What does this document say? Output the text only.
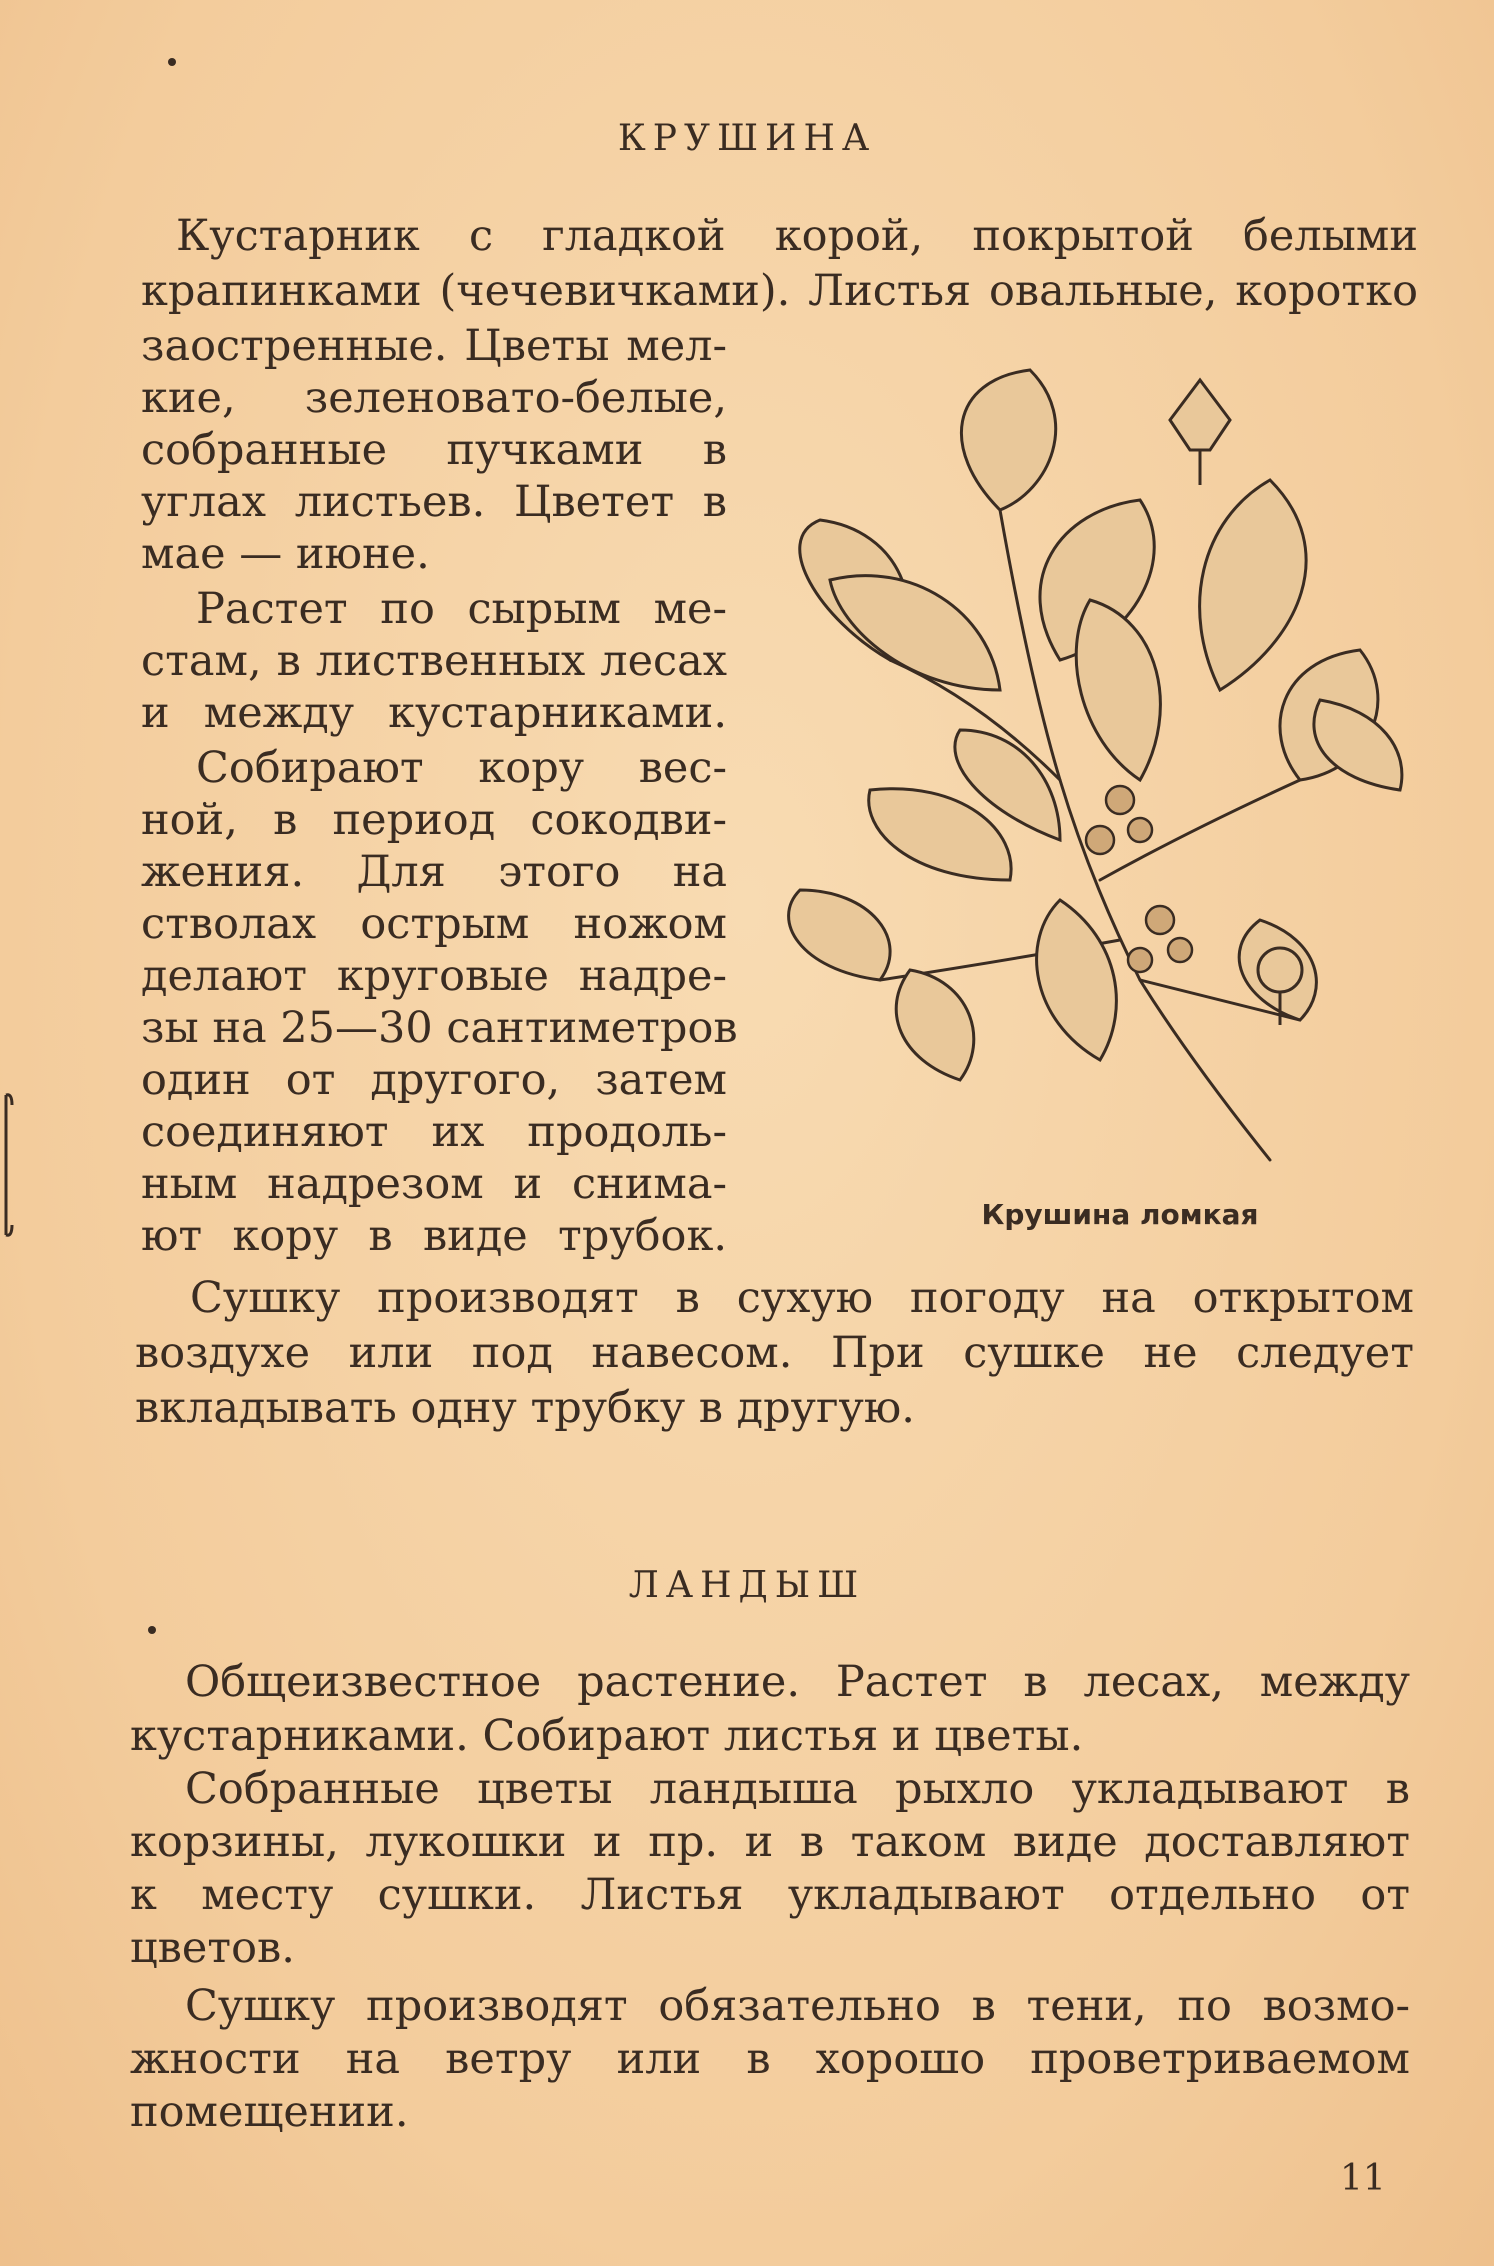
КРУШИНА
Кустарник с гладкой корой, покрытой белыми
крапинками (чечевичками). Листья овальные, коротко
заостренные. Цветы мел-
кие, зеленовато-белые,
собранные пучками в
углах листьев. Цветет в
мае — июне.
Растет по сырым ме-
стам, в лиственных лесах
и между кустарниками.
Собирают кору вес-
ной, в период сокодви-
жения. Для этого на
стволах острым ножом
делают круговые надре-
зы на 25—30 сантиметров
один от другого, затем
соединяют их продоль-
ным надрезом и снима-
ют кору в виде трубок.
Сушку производят в сухую погоду на открытом
воздухе или под навесом. При сушке не следует
вкладывать одну трубку в другую.
Крушина ломкая
ЛАНДЫШ
Общеизвестное растение. Растет в лесах, между
кустарниками. Собирают листья и цветы.
Собранные цветы ландыша рыхло укладывают в
корзины, лукошки и пр. и в таком виде доставляют
к месту сушки. Листья укладывают отдельно от
цветов.
Сушку производят обязательно в тени, по возмо-
жности на ветру или в хорошо проветриваемом
помещении.
11
